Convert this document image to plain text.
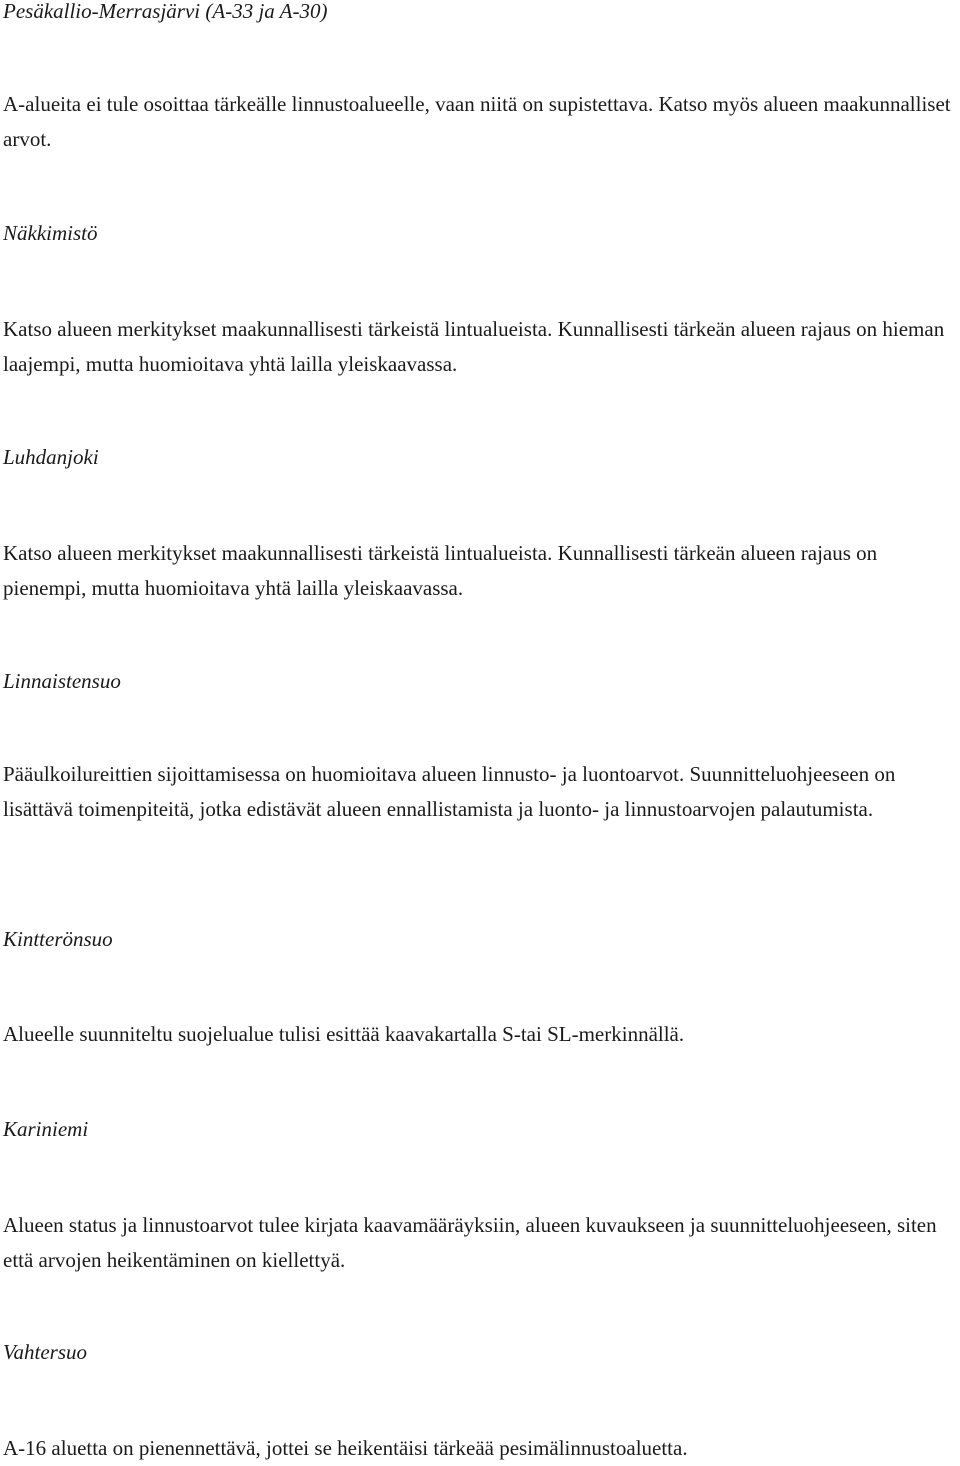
Pesäkallio-Merrasjärvi (A-33 ja A-30)

A-alueita ei tule osoittaa tärkeälle linnustoalueelle, vaan niitä on supistettava. Katso myös alueen maakunnalliset arvot.

Näkkimistö

Katso alueen merkitykset maakunnallisesti tärkeistä lintualueista. Kunnallisesti tärkeän alueen rajaus on hieman laajempi, mutta huomioitava yhtä lailla yleiskaavassa.

Luhdanjoki

Katso alueen merkitykset maakunnallisesti tärkeistä lintualueista. Kunnallisesti tärkeän alueen rajaus on pienempi, mutta huomioitava yhtä lailla yleiskaavassa.

Linnaistensuo

Pääulkoilureittien sijoittamisessa on huomioitava alueen linnusto- ja luontoarvot. Suunnitteluohjeeseen on lisättävä toimenpiteitä, jotka edistävät alueen ennallistamista ja luonto- ja linnustoarvojen palautumista.

Kintterönsuo

Alueelle suunniteltu suojelualue tulisi esittää kaavakartalla S-tai SL-merkinnällä.

Kariniemi

Alueen status ja linnustoarvot tulee kirjata kaavamääräyksiin, alueen kuvaukseen ja suunnitteluohjeeseen, siten että arvojen heikentäminen on kiellettyä.

Vahtersuo

A-16 aluetta on pienennettävä, jottei se heikentäisi tärkeää pesimälinnustoaluetta.
